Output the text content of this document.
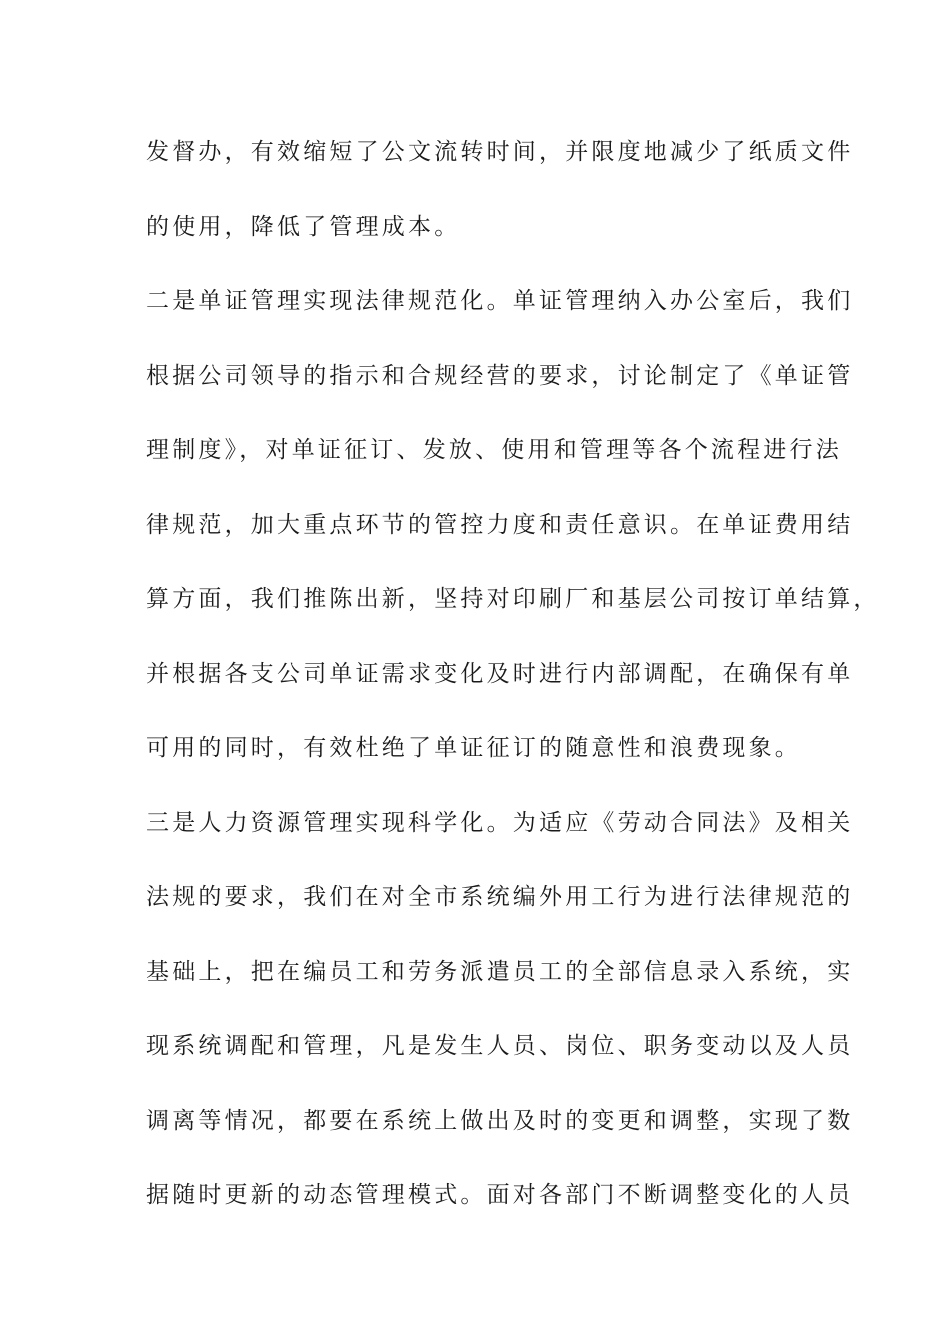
发督办，有效缩短了公文流转时间，并限度地减少了纸质文件
的使用，降低了管理成本。
二是单证管理实现法律规范化。单证管理纳入办公室后，我们
根据公司领导的指示和合规经营的要求，讨论制定了《单证管
理制度》，对单证征订、发放、使用和管理等各个流程进行法
律规范，加大重点环节的管控力度和责任意识。在单证费用结
算方面，我们推陈出新，坚持对印刷厂和基层公司按订单结算，
并根据各支公司单证需求变化及时进行内部调配，在确保有单
可用的同时，有效杜绝了单证征订的随意性和浪费现象。
三是人力资源管理实现科学化。为适应《劳动合同法》及相关
法规的要求，我们在对全市系统编外用工行为进行法律规范的
基础上，把在编员工和劳务派遣员工的全部信息录入系统，实
现系统调配和管理，凡是发生人员、岗位、职务变动以及人员
调离等情况，都要在系统上做出及时的变更和调整，实现了数
据随时更新的动态管理模式。面对各部门不断调整变化的人员
